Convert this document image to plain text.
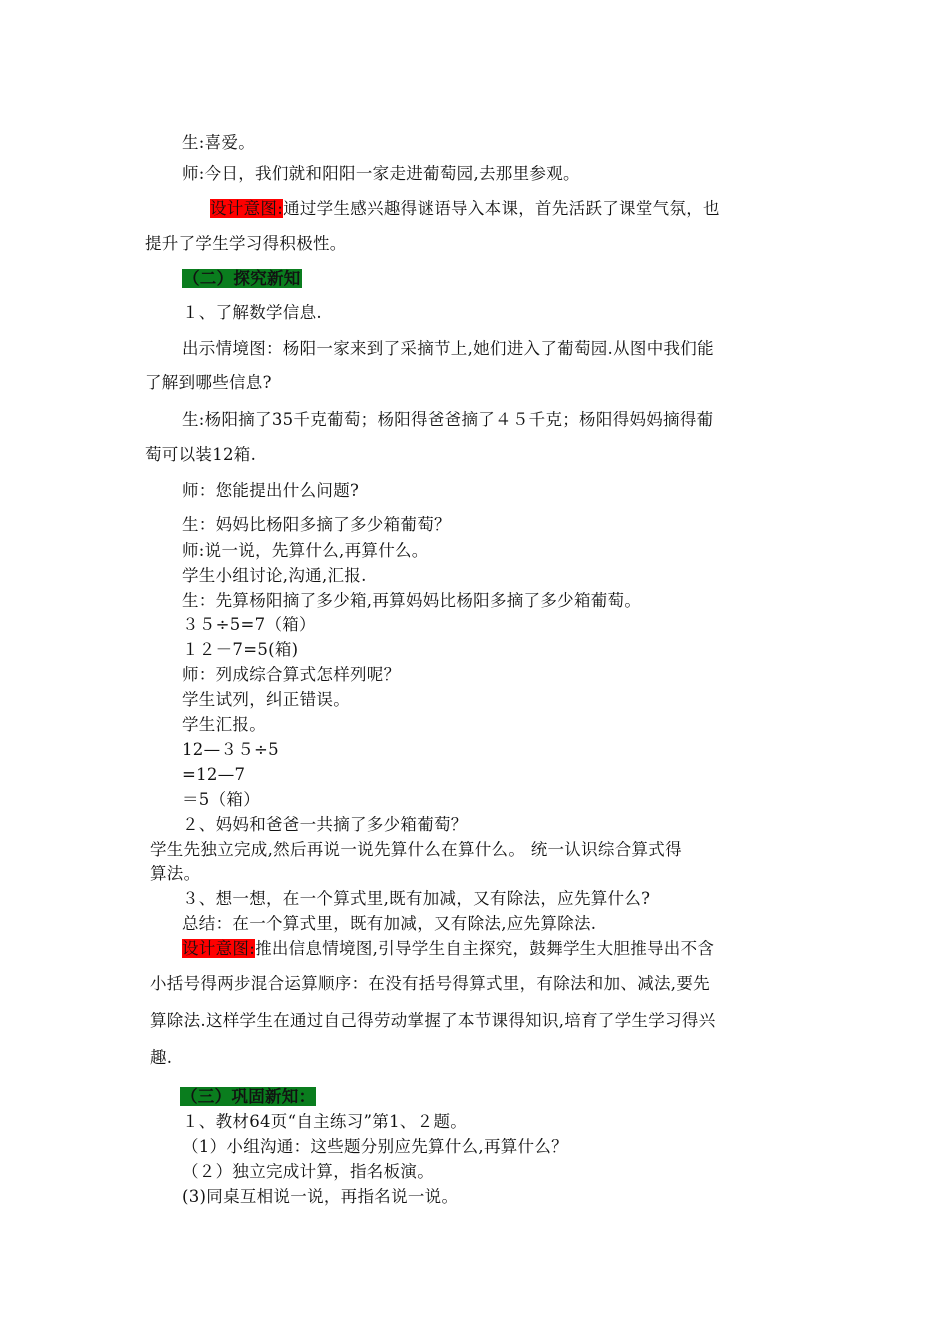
生:喜爱。
师:今日，我们就和阳阳一家走进葡萄园,去那里参观。
设计意图:通过学生感兴趣得谜语导入本课，首先活跃了课堂气氛，也
提升了学生学习得积极性。
（二）探究新知
１、了解数学信息.
出示情境图：杨阳一家来到了采摘节上,她们进入了葡萄园.从图中我们能
了解到哪些信息?
生:杨阳摘了35千克葡萄；杨阳得爸爸摘了４５千克；杨阳得妈妈摘得葡
萄可以装12箱.
师：您能提出什么问题?
生：妈妈比杨阳多摘了多少箱葡萄？
师:说一说，先算什么,再算什么。
学生小组讨论,沟通,汇报.
生：先算杨阳摘了多少箱,再算妈妈比杨阳多摘了多少箱葡萄。
３５÷5=7（箱）
１２－7=5(箱)
师：列成综合算式怎样列呢？
学生试列，纠正错误。
学生汇报。
12—３５÷5
=12—7
＝5（箱）
２、妈妈和爸爸一共摘了多少箱葡萄？
学生先独立完成,然后再说一说先算什么在算什么。 统一认识综合算式得
算法。
３、想一想，在一个算式里,既有加减，又有除法，应先算什么?
总结：在一个算式里，既有加减，又有除法,应先算除法.
设计意图:推出信息情境图,引导学生自主探究，鼓舞学生大胆推导出不含
小括号得两步混合运算顺序：在没有括号得算式里，有除法和加、减法,要先
算除法.这样学生在通过自己得劳动掌握了本节课得知识,培育了学生学习得兴
趣.
（三）巩固新知：
１、教材64页“自主练习”第1、２题。
（1）小组沟通：这些题分别应先算什么,再算什么？
（２）独立完成计算，指名板演。
(3)同桌互相说一说，再指名说一说。
